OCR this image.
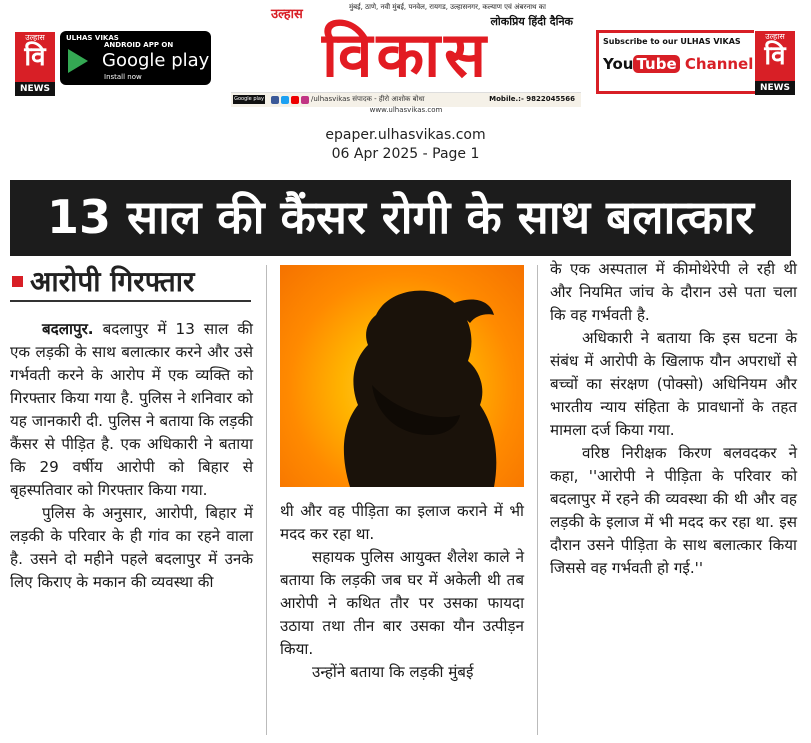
उल्हास
वि
NEWS
ULHAS VIKAS
ANDROID APP ON
Google play
Install now
उल्हास	मुंबई, ठाणे, नवी मुंबई, पनवेल, रायगड, उल्हासनगर, कल्याण एवं अंबरनाथ का
लोकप्रिय हिंदी दैनिक
विकास
Google play	/ulhasvikas संपादक - हीरो आशोक बोधा	Mobile.:- 9822045566
www.ulhasvikas.com
Subscribe to our ULHAS VIKAS
You Tube Channel
उल्हास
वि
NEWS
epaper.ulhasvikas.com
06 Apr 2025 - Page 1
13 साल की कैंसर रोगी के साथ बलात्कार
आरोपी गिरफ्तार

बदलापुर. बदलापुर में 13 साल की एक लड़की के साथ बलात्कार करने और उसे गर्भवती करने के आरोप में एक व्यक्ति को गिरफ्तार किया गया है. पुलिस ने शनिवार को यह जानकारी दी. पुलिस ने बताया कि लड़की कैंसर से पीड़ित है. एक अधिकारी ने बताया कि 29 वर्षीय आरोपी को बिहार से बृहस्पतिवार को गिरफ्तार किया गया.

पुलिस के अनुसार, आरोपी, बिहार में लड़की के परिवार के ही गांव का रहने वाला है. उसने दो महीने पहले बदलापुर में उनके लिए किराए के मकान की व्यवस्था की

थी और वह पीड़िता का इलाज कराने में भी मदद कर रहा था.

सहायक पुलिस आयुक्त शैलेश काले ने बताया कि लड़की जब घर में अकेली थी तब आरोपी ने कथित तौर पर उसका फायदा उठाया तथा तीन बार उसका यौन उत्पीड़न किया.

उन्होंने बताया कि लड़की मुंबई

के एक अस्पताल में कीमोथेरेपी ले रही थी और नियमित जांच के दौरान उसे पता चला कि वह गर्भवती है.

अधिकारी ने बताया कि इस घटना के संबंध में आरोपी के खिलाफ यौन अपराधों से बच्चों का संरक्षण (पोक्सो) अधिनियम और भारतीय न्याय संहिता के प्रावधानों के तहत मामला दर्ज किया गया.

वरिष्ठ निरीक्षक किरण बलवदकर ने कहा, ''आरोपी ने पीड़िता के परिवार को बदलापुर में रहने की व्यवस्था की थी और वह लड़की के इलाज में भी मदद कर रहा था. इस दौरान उसने पीड़िता के साथ बलात्कार किया जिससे वह गर्भवती हो गई.''
